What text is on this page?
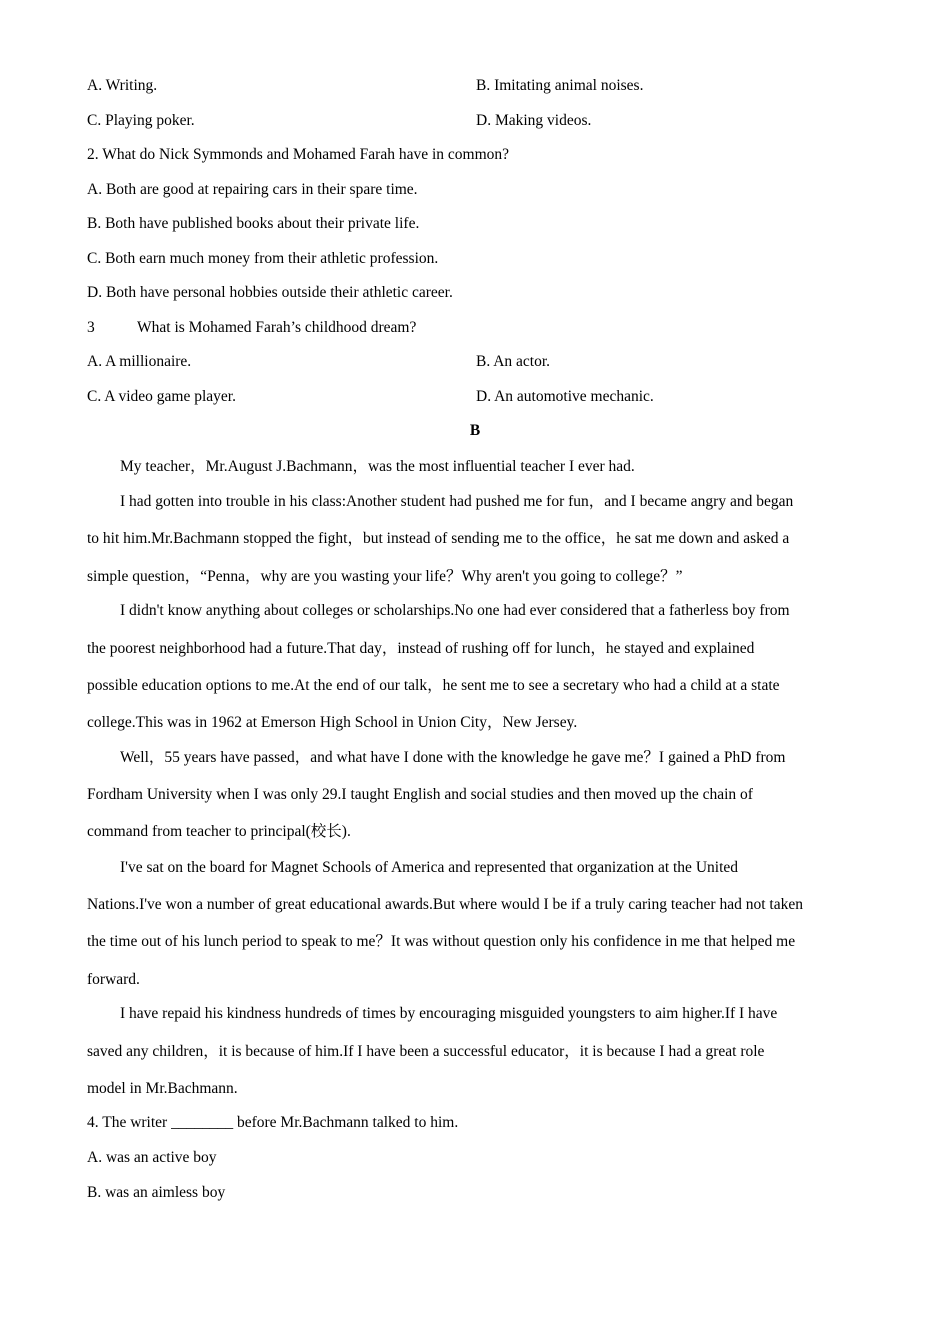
A. Writing.	B. Imitating animal noises.
C. Playing poker.	D. Making videos.
2. What do Nick Symmonds and Mohamed Farah have in common?
A. Both are good at repairing cars in their spare time.
B. Both have published books about their private life.
C. Both earn much money from their athletic profession.
D. Both have personal hobbies outside their athletic career.
3	What is Mohamed Farah’s childhood dream?
A. A millionaire.	B. An actor.
C. A video game player.	D. An automotive mechanic.
B
My teacher，Mr.August J.Bachmann，was the most influential teacher I ever had.
I had gotten into trouble in his class:Another student had pushed me for fun，and I became angry and began
to hit him.Mr.Bachmann stopped the fight，but instead of sending me to the office，he sat me down and asked a
simple question，“Penna，why are you wasting your life？Why aren't you going to college？”
I didn't know anything about colleges or scholarships.No one had ever considered that a fatherless boy from
the poorest neighborhood had a future.That day，instead of rushing off for lunch，he stayed and explained
possible education options to me.At the end of our talk，he sent me to see a secretary who had a child at a state
college.This was in 1962 at Emerson High School in Union City，New Jersey.
Well，55 years have passed，and what have I done with the knowledge he gave me？I gained a PhD from
Fordham University when I was only 29.I taught English and social studies and then moved up the chain of
command from teacher to principal(校长).
I've sat on the board for Magnet Schools of America and represented that organization at the United
Nations.I've won a number of great educational awards.But where would I be if a truly caring teacher had not taken
the time out of his lunch period to speak to me？It was without question only his confidence in me that helped me
forward.
I have repaid his kindness hundreds of times by encouraging misguided youngsters to aim higher.If I have
saved any children，it is because of him.If I have been a successful educator，it is because I had a great role
model in Mr.Bachmann.
4. The writer ________ before Mr.Bachmann talked to him.
A. was an active boy
B. was an aimless boy
